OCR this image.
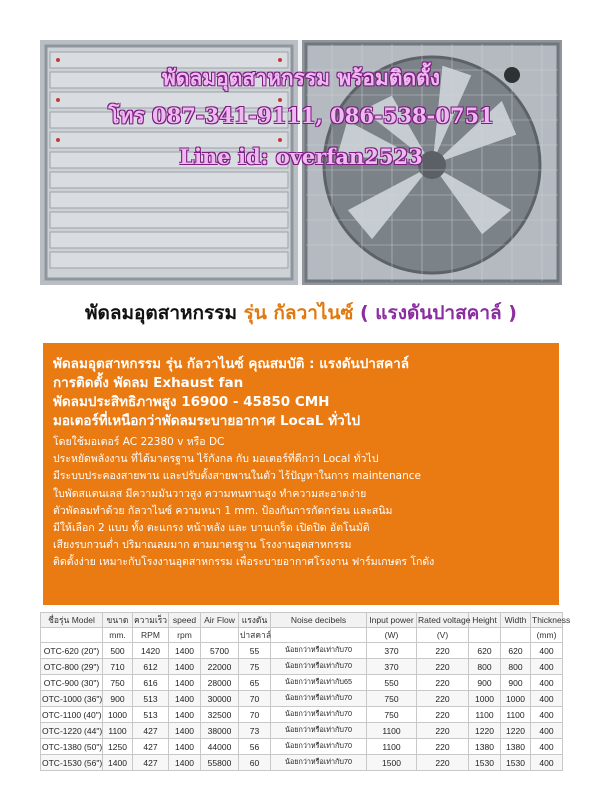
พัดลมอุตสาหกรรม พร้อมติดตั้ง
โทร 087-341-9111, 086-538-0751
Line id: overfan2523
พัดลมอุตสาหกรรม รุ่น กัลวาไนซ์ ( แรงดันปาสคาล์ )
พัดลมอุตสาหกรรม รุ่น กัลวาไนซ์ คุณสมบัติ : แรงดันปาสคาล์
การติดตั้ง พัดลม Exhaust fan
พัดลมประสิทธิภาพสูง 16900 - 45850 CMH
มอเตอร์ที่เหนือกว่าพัดลมระบายอากาศ LocaL ทั่วไป
โดยใช้มอเตอร์ AC 22380 v หรือ DC
ประหยัดพลังงาน ที่ได้มาตรฐาน ไร้กังกล กับ มอเตอร์ที่ดีกว่า Local ทั่วไป
มีระบบประคองสายพาน และปรับตั้งสายพานในตัว ไร้ปัญหาในการ maintenance
ใบพัดสแตนเลส มีความมันวาวสูง ความทนทานสูง ทำความสะอาดง่าย
ตัวพัดลมทำด้วย กัลวาไนซ์ ความหนา 1 mm. ป้องกันการกัดกร่อน และสนิม
มีให้เลือก 2 แบบ ทั้ง ตะแกรง หน้าหลัง และ บานเกร็ด เปิดปิด อัตโนมัติ
เสียงรบกวนต่ำ ปริมาณลมมาก ตามมาตรฐาน โรงงานอุตสาหกรรม
ติดตั้งง่าย เหมาะกับโรงงานอุตสาหกรรม เพื่อระบายอากาศโรงงาน ฟาร์มเกษตร โกดัง
ชื่อรุ่น Model	ขนาด	ความเร็ว	speed	Air Flow	แรงดัน	Noise decibels	Input power	Rated voltage	Height	Width	Thickness
	mm.	RPM	rpm		ปาสคาล์		(W)	(V)			(mm)
OTC-620 (20")	500	1420	1400	5700	55	น้อยกว่าหรือเท่ากับ70	370	220	620	620	400
OTC-800 (29")	710	612	1400	22000	75	น้อยกว่าหรือเท่ากับ70	370	220	800	800	400
OTC-900 (30")	750	616	1400	28000	65	น้อยกว่าหรือเท่ากับ65	550	220	900	900	400
OTC-1000 (36")	900	513	1400	30000	70	น้อยกว่าหรือเท่ากับ70	750	220	1000	1000	400
OTC-1100 (40")	1000	513	1400	32500	70	น้อยกว่าหรือเท่ากับ70	750	220	1100	1100	400
OTC-1220 (44")	1100	427	1400	38000	73	น้อยกว่าหรือเท่ากับ70	1100	220	1220	1220	400
OTC-1380 (50")	1250	427	1400	44000	56	น้อยกว่าหรือเท่ากับ70	1100	220	1380	1380	400
OTC-1530 (56")	1400	427	1400	55800	60	น้อยกว่าหรือเท่ากับ70	1500	220	1530	1530	400
